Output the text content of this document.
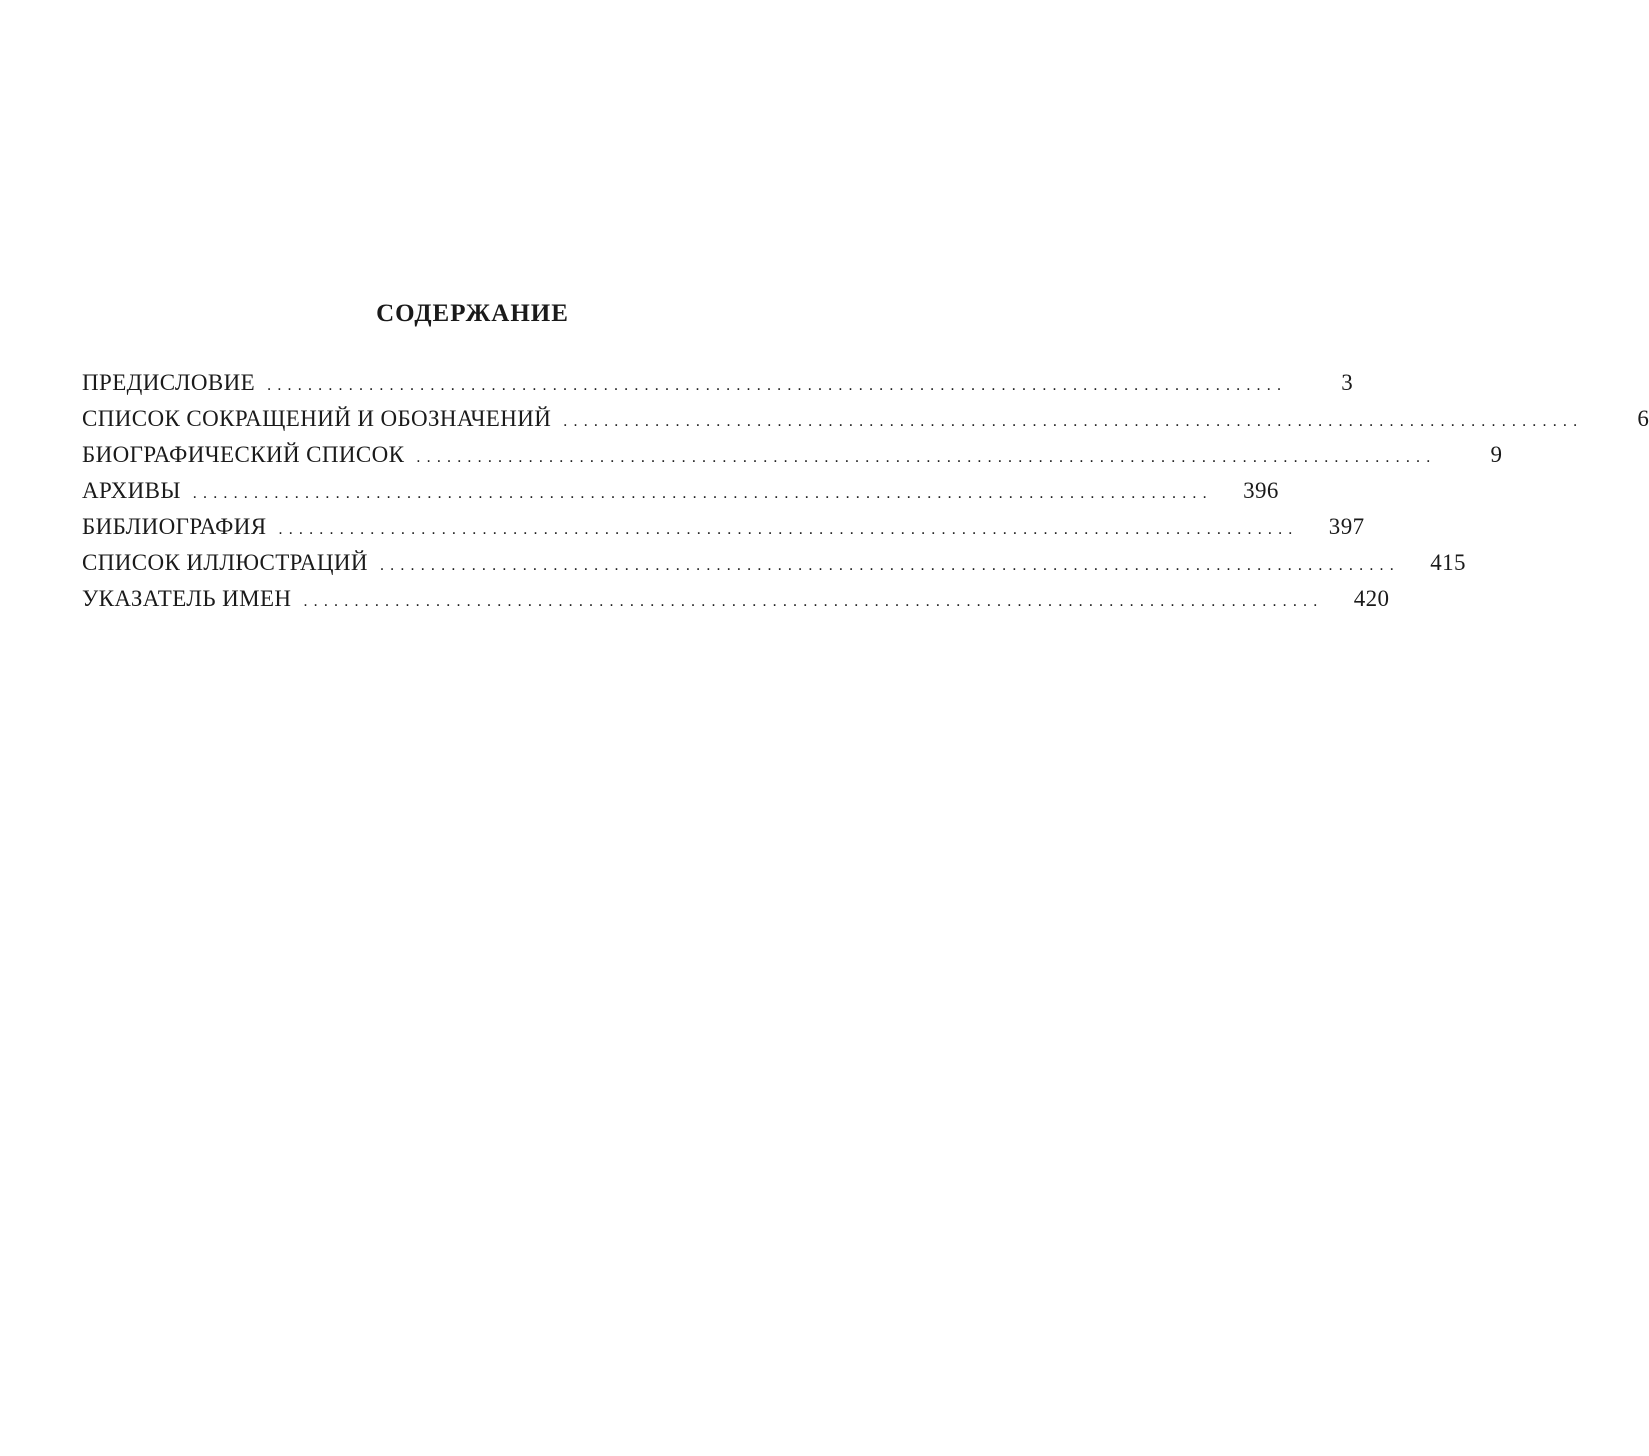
СОДЕРЖАНИЕ
ПРЕДИСЛОВИЕ ....................................................................................................	3
СПИСОК СОКРАЩЕНИЙ И ОБОЗНАЧЕНИЙ ....................................................................................................	6
БИОГРАФИЧЕСКИЙ СПИСОК ....................................................................................................	9
АРХИВЫ ....................................................................................................	396
БИБЛИОГРАФИЯ ....................................................................................................	397
СПИСОК ИЛЛЮСТРАЦИЙ ....................................................................................................	415
УКАЗАТЕЛЬ ИМЕН ....................................................................................................	420
